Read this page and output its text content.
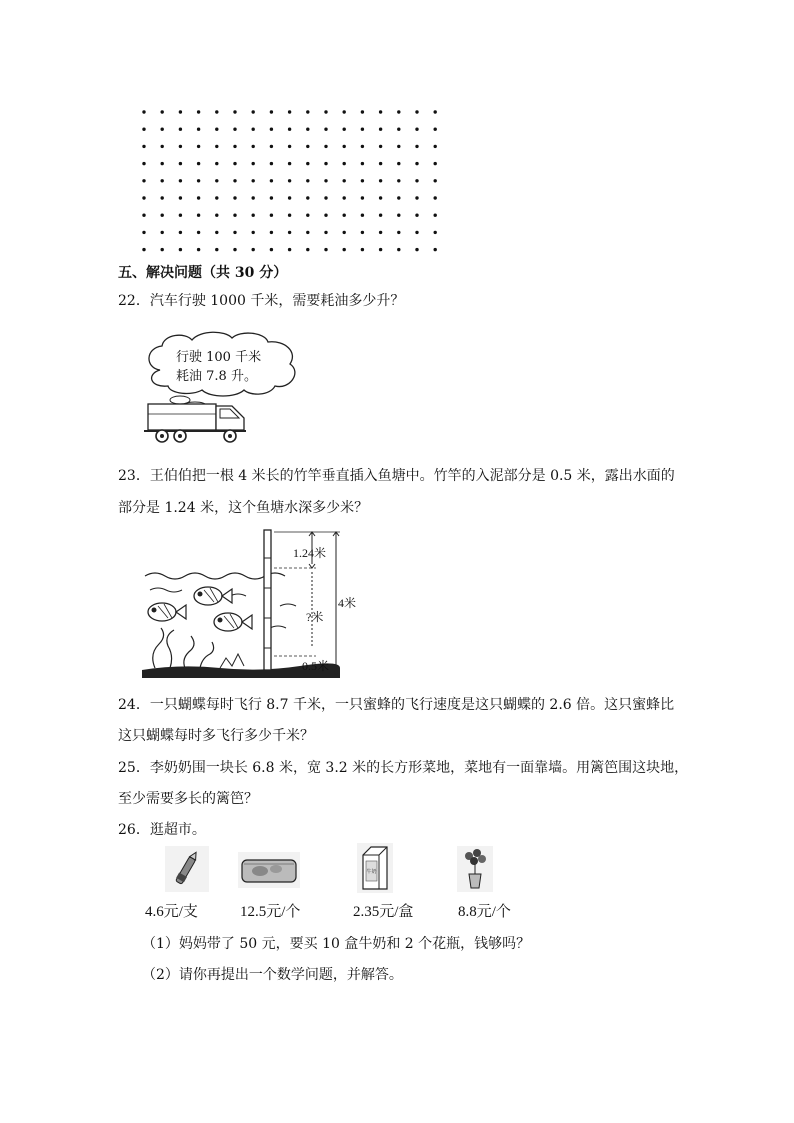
五、解决问题（共 30 分）
22．汽车行驶 1000 千米，需要耗油多少升？
行驶 100 千米
耗油 7.8 升。
23．王伯伯把一根 4 米长的竹竿垂直插入鱼塘中。竹竿的入泥部分是 0.5 米，露出水面的
部分是 1.24 米，这个鱼塘水深多少米？
1.24米
?米
4米
0.5米
24．一只蝴蝶每时飞行 8.7 千米，一只蜜蜂的飞行速度是这只蝴蝶的 2.6 倍。这只蜜蜂比
这只蝴蝶每时多飞行多少千米？
25．李奶奶围一块长 6.8 米，宽 3.2 米的长方形菜地，菜地有一面靠墙。用篱笆围这块地，
至少需要多长的篱笆？
26．逛超市。
牛奶
4.6元/支	12.5元/个	2.35元/盒	8.8元/个
（1）妈妈带了 50 元，要买 10 盒牛奶和 2 个花瓶，钱够吗？
（2）请你再提出一个数学问题，并解答。
